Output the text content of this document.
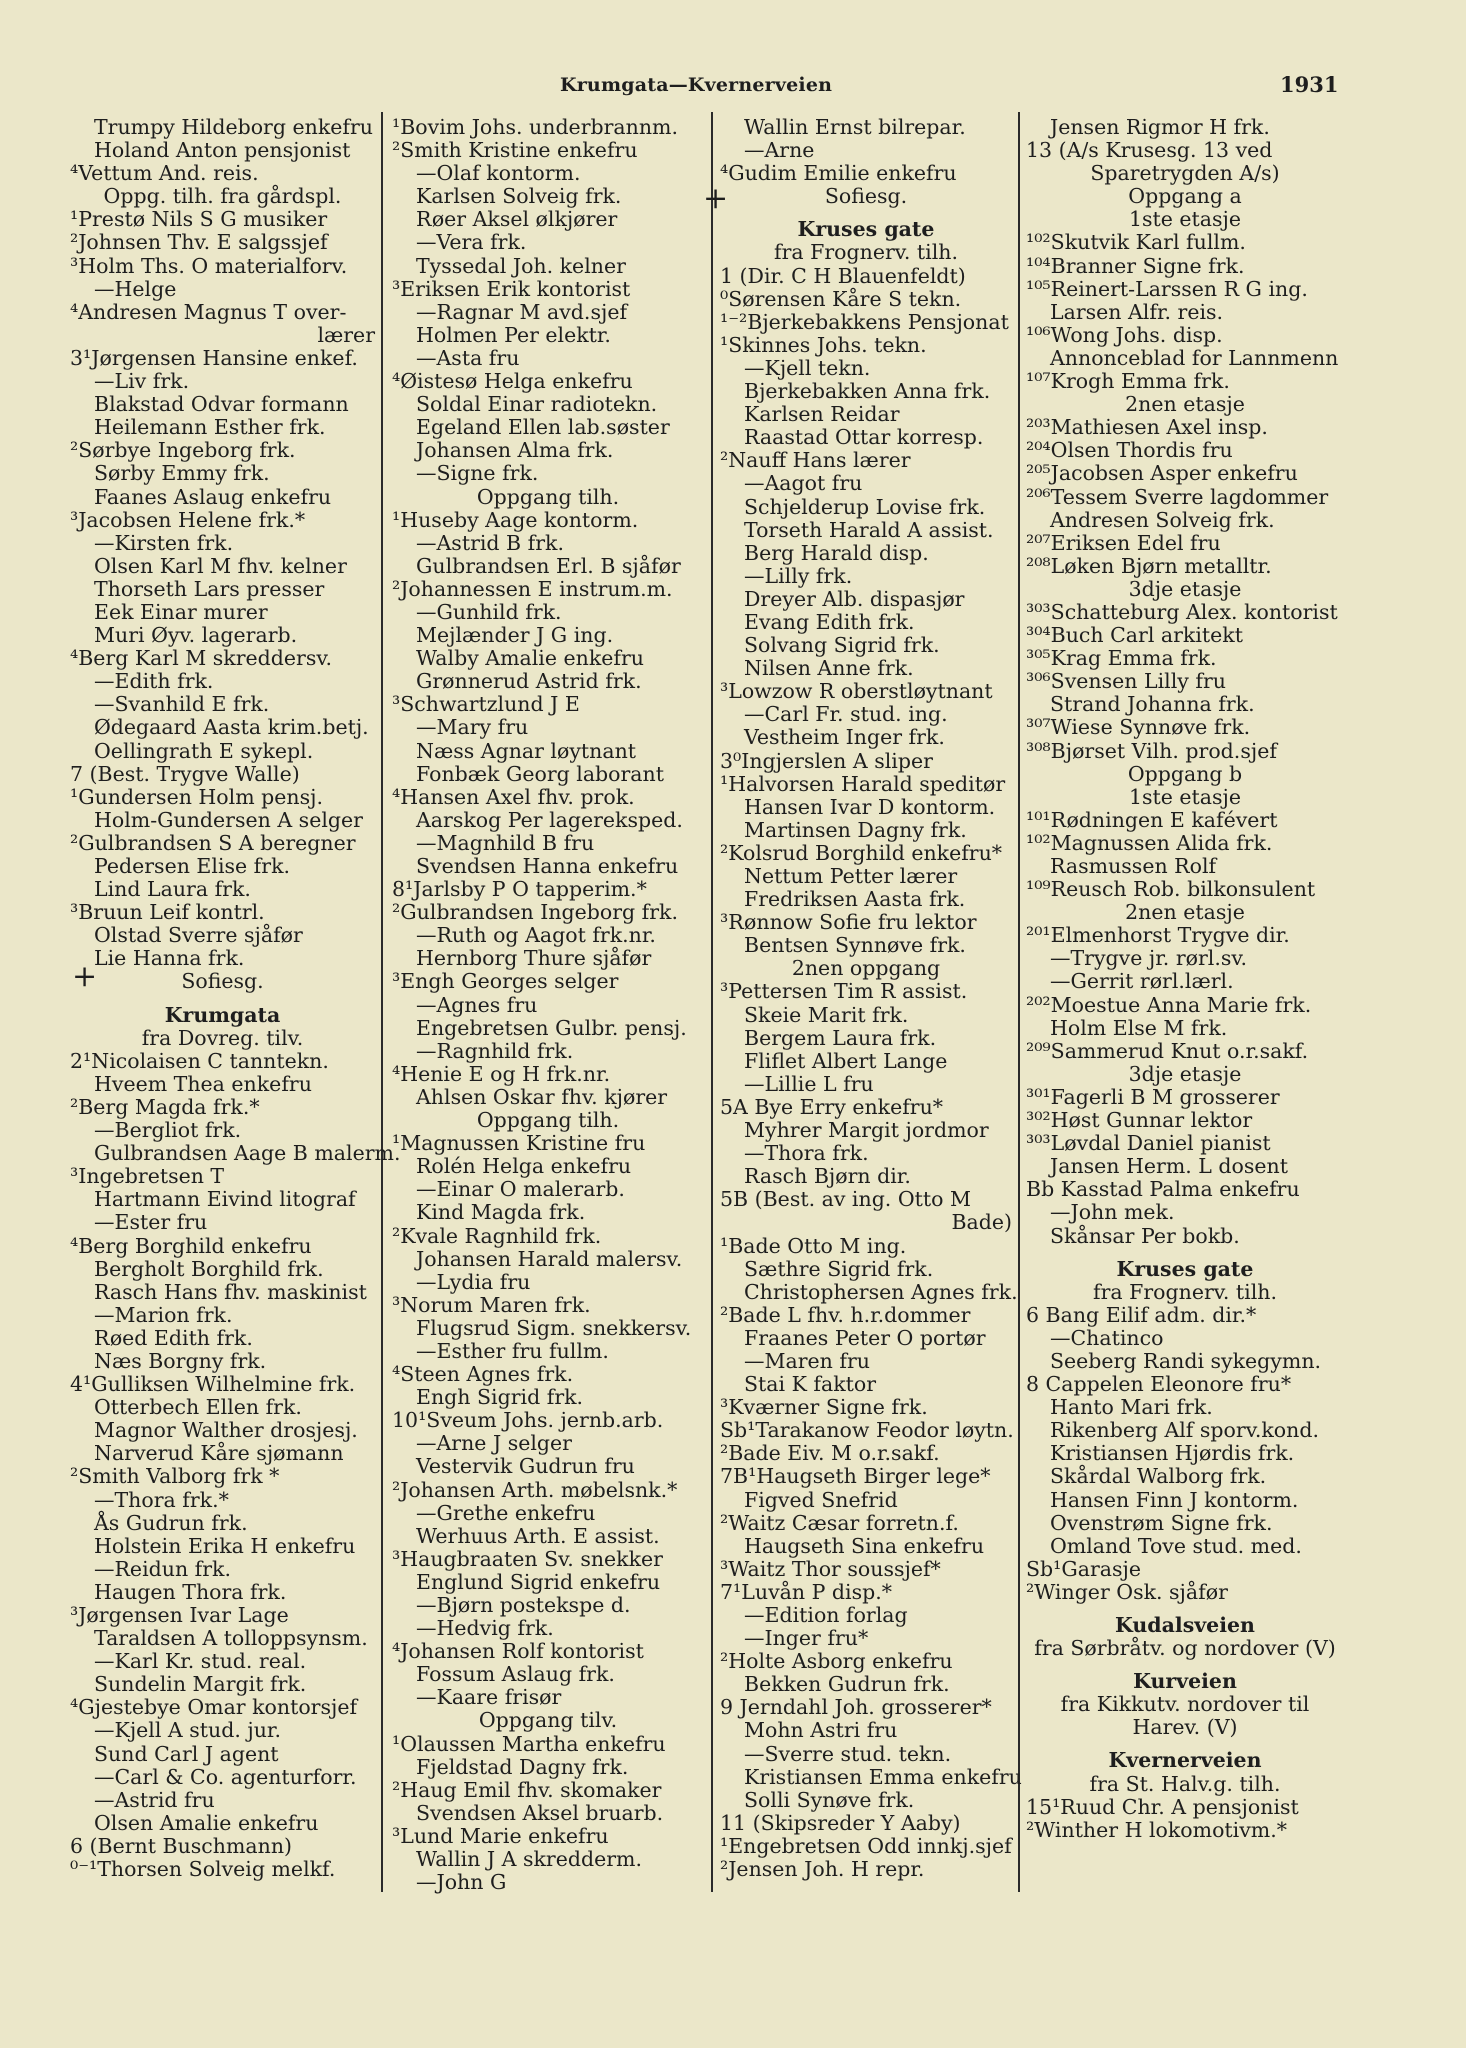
Krumgata—Kvernerveien	1931
Trumpy Hildeborg enkefru
Holand Anton pensjonist
⁴Vettum And. reis.
Oppg. tilh. fra gårdspl.
¹Prestø Nils S G musiker
²Johnsen Thv. E salgssjef
³Holm Ths. O materialforv.
—Helge
⁴Andresen Magnus T over-
lærer
3¹Jørgensen Hansine enkef.
—Liv frk.
Blakstad Odvar formann
Heilemann Esther frk.
²Sørbye Ingeborg frk.
Sørby Emmy frk.
Faanes Aslaug enkefru
³Jacobsen Helene frk.*
—Kirsten frk.
Olsen Karl M fhv. kelner
Thorseth Lars presser
Eek Einar murer
Muri Øyv. lagerarb.
⁴Berg Karl M skreddersv.
—Edith frk.
—Svanhild E frk.
Ødegaard Aasta krim.betj.
Oellingrath E sykepl.
7 (Best. Trygve Walle)
¹Gundersen Holm pensj.
Holm-Gundersen A selger
²Gulbrandsen S A beregner
Pedersen Elise frk.
Lind Laura frk.
³Bruun Leif kontrl.
Olstad Sverre sjåfør
Lie Hanna frk.
Sofiesg.
Krumgata
fra Dovreg. tilv.
2¹Nicolaisen C tanntekn.
Hveem Thea enkefru
²Berg Magda frk.*
—Bergliot frk.
Gulbrandsen Aage B malerm.
³Ingebretsen T
Hartmann Eivind litograf
—Ester fru
⁴Berg Borghild enkefru
Bergholt Borghild frk.
Rasch Hans fhv. maskinist
—Marion frk.
Røed Edith frk.
Næs Borgny frk.
4¹Gulliksen Wilhelmine frk.
Otterbech Ellen frk.
Magnor Walther drosjesj.
Narverud Kåre sjømann
²Smith Valborg frk *
—Thora frk.*
Ås Gudrun frk.
Holstein Erika H enkefru
—Reidun frk.
Haugen Thora frk.
³Jørgensen Ivar Lage
Taraldsen A tolloppsynsm.
—Karl Kr. stud. real.
Sundelin Margit frk.
⁴Gjestebye Omar kontorsjef
—Kjell A stud. jur.
Sund Carl J agent
—Carl & Co. agenturforr.
—Astrid fru
Olsen Amalie enkefru
6 (Bernt Buschmann)
⁰⁻¹Thorsen Solveig melkf.
¹Bovim Johs. underbrannm.
²Smith Kristine enkefru
—Olaf kontorm.
Karlsen Solveig frk.
Røer Aksel ølkjører
—Vera frk.
Tyssedal Joh. kelner
³Eriksen Erik kontorist
—Ragnar M avd.sjef
Holmen Per elektr.
—Asta fru
⁴Øistesø Helga enkefru
Soldal Einar radiotekn.
Egeland Ellen lab.søster
Johansen Alma frk.
—Signe frk.
Oppgang tilh.
¹Huseby Aage kontorm.
—Astrid B frk.
Gulbrandsen Erl. B sjåfør
²Johannessen E instrum.m.
—Gunhild frk.
Mejlænder J G ing.
Walby Amalie enkefru
Grønnerud Astrid frk.
³Schwartzlund J E
—Mary fru
Næss Agnar løytnant
Fonbæk Georg laborant
⁴Hansen Axel fhv. prok.
Aarskog Per lagereksped.
—Magnhild B fru
Svendsen Hanna enkefru
8¹Jarlsby P O tapperim.*
²Gulbrandsen Ingeborg frk.
—Ruth og Aagot frk.nr.
Hernborg Thure sjåfør
³Engh Georges selger
—Agnes fru
Engebretsen Gulbr. pensj.
—Ragnhild frk.
⁴Henie E og H frk.nr.
Ahlsen Oskar fhv. kjører
Oppgang tilh.
¹Magnussen Kristine fru
Rolén Helga enkefru
—Einar O malerarb.
Kind Magda frk.
²Kvale Ragnhild frk.
Johansen Harald malersv.
—Lydia fru
³Norum Maren frk.
Flugsrud Sigm. snekkersv.
—Esther fru fullm.
⁴Steen Agnes frk.
Engh Sigrid frk.
10¹Sveum Johs. jernb.arb.
—Arne J selger
Vestervik Gudrun fru
²Johansen Arth. møbelsnk.*
—Grethe enkefru
Werhuus Arth. E assist.
³Haugbraaten Sv. snekker
Englund Sigrid enkefru
—Bjørn postekspe d.
—Hedvig frk.
⁴Johansen Rolf kontorist
Fossum Aslaug frk.
—Kaare frisør
Oppgang tilv.
¹Olaussen Martha enkefru
Fjeldstad Dagny frk.
²Haug Emil fhv. skomaker
Svendsen Aksel bruarb.
³Lund Marie enkefru
Wallin J A skredderm.
—John G
Wallin Ernst bilrepar.
—Arne
⁴Gudim Emilie enkefru
Sofiesg.
Kruses gate
fra Frognerv. tilh.
1 (Dir. C H Blauenfeldt)
⁰Sørensen Kåre S tekn.
¹⁻²Bjerkebakkens Pensjonat
¹Skinnes Johs. tekn.
—Kjell tekn.
Bjerkebakken Anna frk.
Karlsen Reidar
Raastad Ottar korresp.
²Nauff Hans lærer
—Aagot fru
Schjelderup Lovise frk.
Torseth Harald A assist.
Berg Harald disp.
—Lilly frk.
Dreyer Alb. dispasjør
Evang Edith frk.
Solvang Sigrid frk.
Nilsen Anne frk.
³Lowzow R oberstløytnant
—Carl Fr. stud. ing.
Vestheim Inger frk.
3⁰Ingjerslen A sliper
¹Halvorsen Harald speditør
Hansen Ivar D kontorm.
Martinsen Dagny frk.
²Kolsrud Borghild enkefru*
Nettum Petter lærer
Fredriksen Aasta frk.
³Rønnow Sofie fru lektor
Bentsen Synnøve frk.
2nen oppgang
³Pettersen Tim R assist.
Skeie Marit frk.
Bergem Laura frk.
Fliflet Albert Lange
—Lillie L fru
5A Bye Erry enkefru*
Myhrer Margit jordmor
—Thora frk.
Rasch Bjørn dir.
5B (Best. av ing. Otto M
Bade)
¹Bade Otto M ing.
Sæthre Sigrid frk.
Christophersen Agnes frk.
²Bade L fhv. h.r.dommer
Fraanes Peter O portør
—Maren fru
Stai K faktor
³Kværner Signe frk.
Sb¹Tarakanow Feodor løytn.
²Bade Eiv. M o.r.sakf.
7B¹Haugseth Birger lege*
Figved Snefrid
²Waitz Cæsar forretn.f.
Haugseth Sina enkefru
³Waitz Thor soussjef*
7¹Luvån P disp.*
—Edition forlag
—Inger fru*
²Holte Asborg enkefru
Bekken Gudrun frk.
9 Jerndahl Joh. grosserer*
Mohn Astri fru
—Sverre stud. tekn.
Kristiansen Emma enkefru
Solli Synøve frk.
11 (Skipsreder Y Aaby)
¹Engebretsen Odd innkj.sjef
²Jensen Joh. H repr.
Jensen Rigmor H frk.
13 (A/s Krusesg. 13 ved
Sparetrygden A/s)
Oppgang a
1ste etasje
¹⁰²Skutvik Karl fullm.
¹⁰⁴Branner Signe frk.
¹⁰⁵Reinert-Larssen R G ing.
Larsen Alfr. reis.
¹⁰⁶Wong Johs. disp.
Annonceblad for Lannmenn
¹⁰⁷Krogh Emma frk.
2nen etasje
²⁰³Mathiesen Axel insp.
²⁰⁴Olsen Thordis fru
²⁰⁵Jacobsen Asper enkefru
²⁰⁶Tessem Sverre lagdommer
Andresen Solveig frk.
²⁰⁷Eriksen Edel fru
²⁰⁸Løken Bjørn metalltr.
3dje etasje
³⁰³Schatteburg Alex. kontorist
³⁰⁴Buch Carl arkitekt
³⁰⁵Krag Emma frk.
³⁰⁶Svensen Lilly fru
Strand Johanna frk.
³⁰⁷Wiese Synnøve frk.
³⁰⁸Bjørset Vilh. prod.sjef
Oppgang b
1ste etasje
¹⁰¹Rødningen E kafévert
¹⁰²Magnussen Alida frk.
Rasmussen Rolf
¹⁰⁹Reusch Rob. bilkonsulent
2nen etasje
²⁰¹Elmenhorst Trygve dir.
—Trygve jr. rørl.sv.
—Gerrit rørl.lærl.
²⁰²Moestue Anna Marie frk.
Holm Else M frk.
²⁰⁹Sammerud Knut o.r.sakf.
3dje etasje
³⁰¹Fagerli B M grosserer
³⁰²Høst Gunnar lektor
³⁰³Løvdal Daniel pianist
Jansen Herm. L dosent
Bb Kasstad Palma enkefru
—John mek.
Skånsar Per bokb.
Kruses gate
fra Frognerv. tilh.
6 Bang Eilif adm. dir.*
—Chatinco
Seeberg Randi sykegymn.
8 Cappelen Eleonore fru*
Hanto Mari frk.
Rikenberg Alf sporv.kond.
Kristiansen Hjørdis frk.
Skårdal Walborg frk.
Hansen Finn J kontorm.
Ovenstrøm Signe frk.
Omland Tove stud. med.
Sb¹Garasje
²Winger Osk. sjåfør
Kudalsveien
fra Sørbråtv. og nordover (V)
Kurveien
fra Kikkutv. nordover til
Harev. (V)
Kvernerveien
fra St. Halv.g. tilh.
15¹Ruud Chr. A pensjonist
²Winther H lokomotivm.*
+
+
